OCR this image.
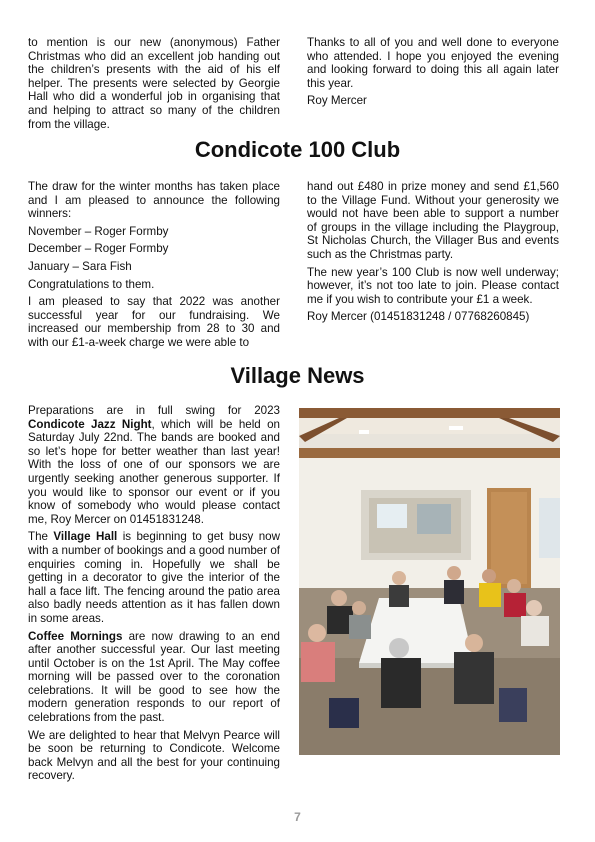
to mention is our new (anonymous) Father Christmas who did an excellent job handing out the children’s presents with the aid of his elf helper. The presents were selected by Georgie Hall who did a wonderful job in organising that and helping to attract so many of the children from the village.

Thanks to all of you and well done to everyone who attended. I hope you enjoyed the evening and looking forward to doing this all again later this year.

Roy Mercer

Condicote 100 Club

The draw for the winter months has taken place and I am pleased to announce the following winners:

November – Roger Formby

December – Roger Formby

January – Sara Fish

Congratulations to them.

I am pleased to say that 2022 was another successful year for our fundraising. We increased our membership from 28 to 30 and with our £1-a-week charge we were able to

hand out £480 in prize money and send £1,560 to the Village Fund. Without your generosity we would not have been able to support a number of groups in the village including the Playgroup, St Nicholas Church, the Villager Bus and events such as the Christmas party.

The new year’s 100 Club is now well underway; however, it’s not too late to join. Please contact me if you wish to contribute your £1 a week.

Roy Mercer (01451831248 / 07768260845)

Village News

Preparations are in full swing for 2023 Condicote Jazz Night, which will be held on Saturday July 22nd. The bands are booked and so let’s hope for better weather than last year! With the loss of one of our sponsors we are urgently seeking another generous supporter. If you would like to sponsor our event or if you know of somebody who would please contact me, Roy Mercer on 01451831248.

The Village Hall is beginning to get busy now with a number of bookings and a good number of enquiries coming in. Hopefully we shall be getting in a decorator to give the interior of the hall a face lift. The fencing around the patio area also badly needs attention as it has fallen down in some areas.

Coffee Mornings are now drawing to an end after another successful year. Our last meeting until October is on the 1st April. The May coffee morning will be passed over to the coronation celebrations. It will be good to see how the modern generation responds to our report of celebrations from the past.

We are delighted to hear that Melvyn Pearce will be soon be returning to Condicote. Welcome back Melvyn and all the best for your continuing recovery.

7
